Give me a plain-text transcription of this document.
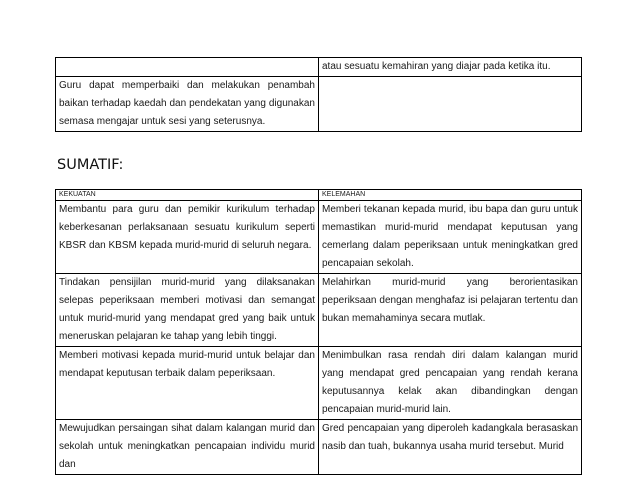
	atau sesuatu kemahiran yang diajar pada ketika itu.
Guru dapat memperbaiki dan melakukan penambah baikan terhadap kaedah dan pendekatan yang digunakan semasa mengajar untuk sesi yang seterusnya.	
SUMATIF:
KEKUATAN	KELEMAHAN
Membantu para guru dan pemikir kurikulum terhadap keberkesanan perlaksanaan sesuatu kurikulum seperti KBSR dan KBSM kepada murid-murid di seluruh negara.	Memberi tekanan kepada murid, ibu bapa dan guru untuk memastikan murid-murid mendapat keputusan yang cemerlang dalam peperiksaan untuk meningkatkan gred pencapaian sekolah.
Tindakan pensijilan murid-murid yang dilaksanakan selepas peperiksaan memberi motivasi dan semangat untuk murid-murid yang mendapat gred yang baik untuk meneruskan pelajaran ke tahap yang lebih tinggi.	Melahirkan murid-murid yang berorientasikan peperiksaan dengan menghafaz isi pelajaran tertentu dan bukan memahaminya secara mutlak.
Memberi motivasi kepada murid-murid untuk belajar dan mendapat keputusan terbaik dalam peperiksaan.	Menimbulkan rasa rendah diri dalam kalangan murid yang mendapat gred pencapaian yang rendah kerana keputusannya kelak akan dibandingkan dengan pencapaian murid-murid lain.
Mewujudkan persaingan sihat dalam kalangan murid dan sekolah untuk meningkatkan pencapaian individu murid dan	Gred pencapaian yang diperoleh kadangkala berasaskan nasib dan tuah, bukannya usaha murid tersebut. Murid
